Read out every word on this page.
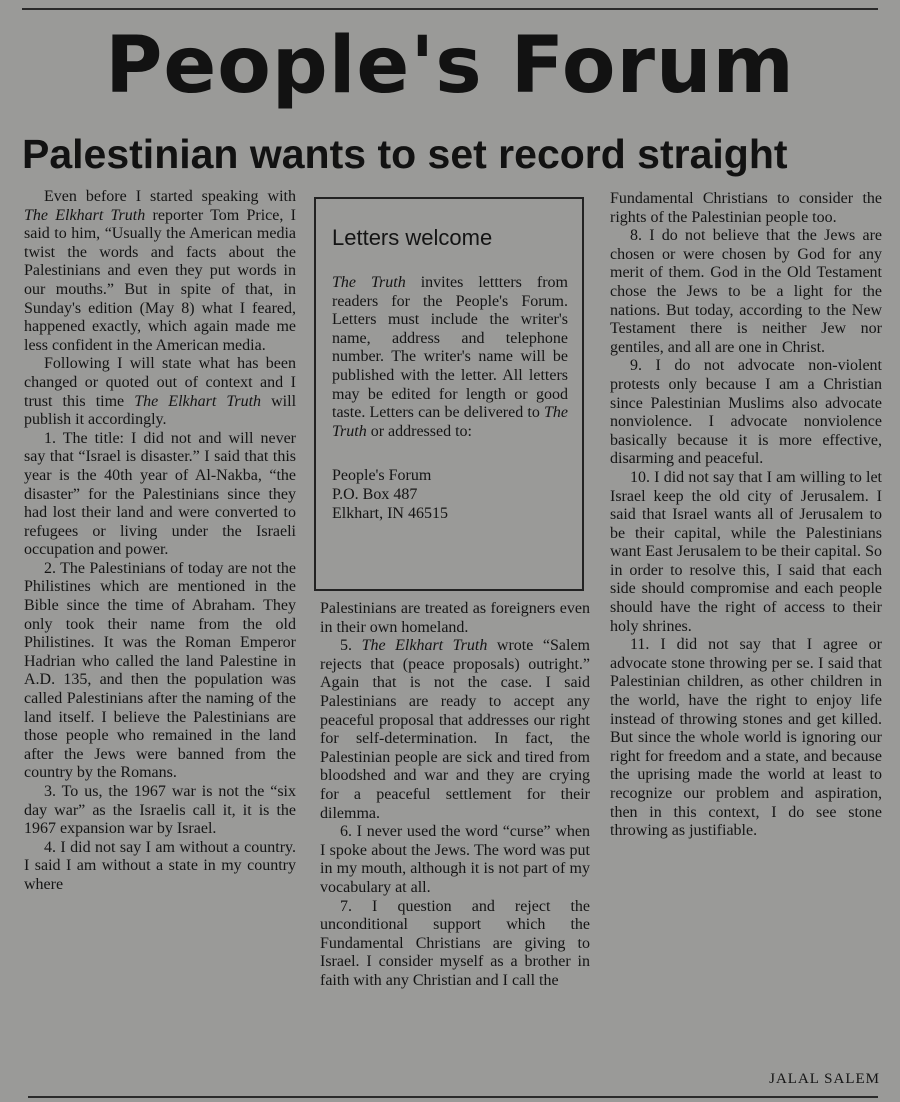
People's Forum
Palestinian wants to set record straight

Even before I started speaking with The Elkhart Truth reporter Tom Price, I said to him, “Usually the American media twist the words and facts about the Palestinians and even they put words in our mouths.” But in spite of that, in Sunday's edition (May 8) what I feared, happened exactly, which again made me less confident in the American media.

Following I will state what has been changed or quoted out of context and I trust this time The Elkhart Truth will publish it accordingly.

1. The title: I did not and will never say that “Israel is disaster.” I said that this year is the 40th year of Al-Nakba, “the disaster” for the Palestinians since they had lost their land and were converted to refugees or living under the Israeli occupation and power.

2. The Palestinians of today are not the Philistines which are mentioned in the Bible since the time of Abraham. They only took their name from the old Philistines. It was the Roman Emperor Hadrian who called the land Palestine in A.D. 135, and then the population was called Palestinians after the naming of the land itself. I believe the Palestinians are those people who remained in the land after the Jews were banned from the country by the Romans.

3. To us, the 1967 war is not the “six day war” as the Israelis call it, it is the 1967 expansion war by Israel.

4. I did not say I am without a country. I said I am without a state in my country where

Letters welcome
The Truth invites lettters from readers for the People's Forum. Letters must include the writer's name, address and telephone number. The writer's name will be published with the letter. All letters may be edited for length or good taste. Letters can be delivered to The Truth or addressed to:
People's Forum
P.O. Box 487
Elkhart, IN 46515

Palestinians are treated as foreigners even in their own homeland.

5. The Elkhart Truth wrote “Salem rejects that (peace proposals) outright.” Again that is not the case. I said Palestinians are ready to accept any peaceful proposal that addresses our right for self-determination. In fact, the Palestinian people are sick and tired from bloodshed and war and they are crying for a peaceful settlement for their dilemma.

6. I never used the word “curse” when I spoke about the Jews. The word was put in my mouth, although it is not part of my vocabulary at all.

7. I question and reject the unconditional support which the Fundamental Christians are giving to Israel. I consider myself as a brother in faith with any Christian and I call the

Fundamental Christians to consider the rights of the Palestinian people too.

8. I do not believe that the Jews are chosen or were chosen by God for any merit of them. God in the Old Testament chose the Jews to be a light for the nations. But today, according to the New Testament there is neither Jew nor gentiles, and all are one in Christ.

9. I do not advocate non-violent protests only because I am a Christian since Palestinian Muslims also advocate nonviolence. I advocate nonviolence basically because it is more effective, disarming and peaceful.

10. I did not say that I am willing to let Israel keep the old city of Jerusalem. I said that Israel wants all of Jerusalem to be their capital, while the Palestinians want East Jerusalem to be their capital. So in order to resolve this, I said that each side should compromise and each people should have the right of access to their holy shrines.

11. I did not say that I agree or advocate stone throwing per se. I said that Palestinian children, as other children in the world, have the right to enjoy life instead of throwing stones and get killed. But since the whole world is ignoring our right for freedom and a state, and because the uprising made the world at least to recognize our problem and aspiration, then in this context, I do see stone throwing as justifiable.

JALAL SALEM
